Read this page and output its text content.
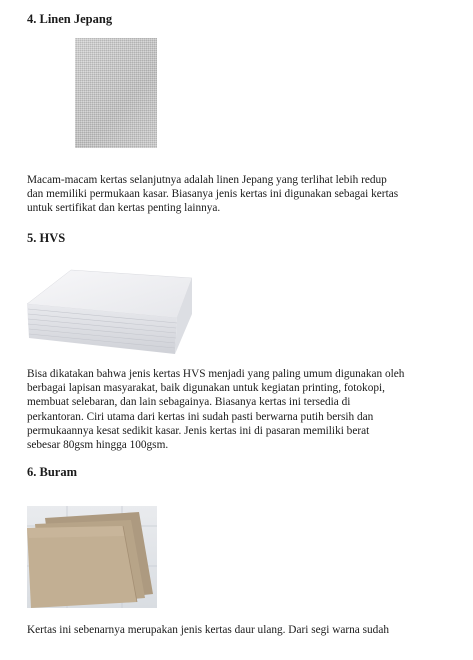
4. Linen Jepang

Macam-macam kertas selanjutnya adalah linen Jepang yang terlihat lebih redup
dan memiliki permukaan kasar. Biasanya jenis kertas ini digunakan sebagai kertas
untuk sertifikat dan kertas penting lainnya.

5. HVS

Bisa dikatakan bahwa jenis kertas HVS menjadi yang paling umum digunakan oleh
berbagai lapisan masyarakat, baik digunakan untuk kegiatan printing, fotokopi,
membuat selebaran, dan lain sebagainya. Biasanya kertas ini tersedia di
perkantoran. Ciri utama dari kertas ini sudah pasti berwarna putih bersih dan
permukaannya kesat sedikit kasar. Jenis kertas ini di pasaran memiliki berat
sebesar 80gsm hingga 100gsm.

6. Buram

Kertas ini sebenarnya merupakan jenis kertas daur ulang. Dari segi warna sudah
